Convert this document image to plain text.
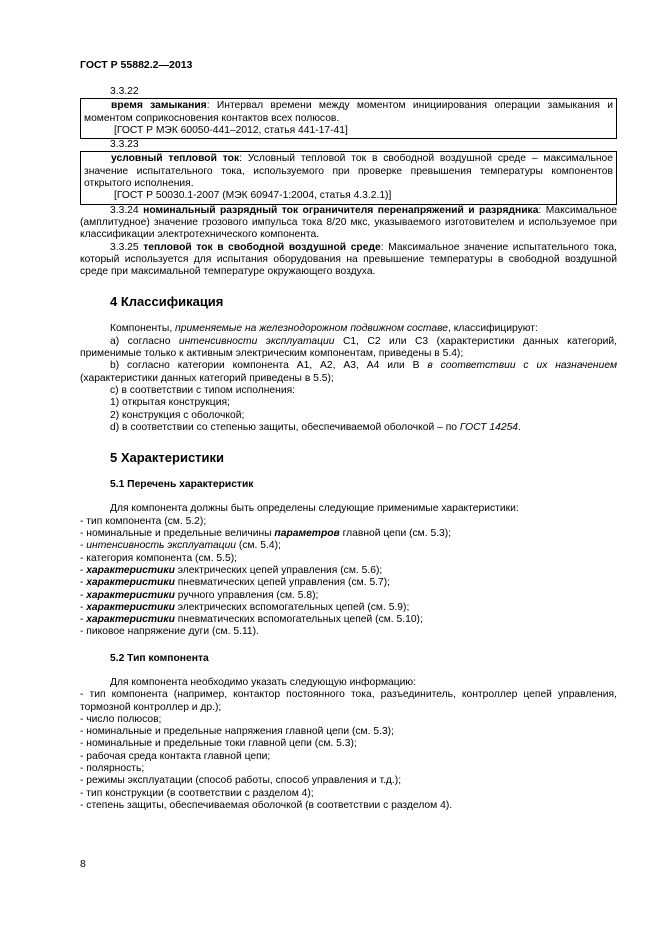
ГОСТ Р 55882.2—2013

3.3.22

время замыкания: Интервал времени между моментом инициирования операции замыкания и моментом соприкосновения контактов всех полюсов.

[ГОСТ Р МЭК 60050-441–2012, статья 441-17-41]

3.3.23

условный тепловой ток: Условный тепловой ток в свободной воздушной среде – максимальное значение испытательного тока, используемого при проверке превышения температуры компонентов открытого исполнения.

[ГОСТ Р 50030.1-2007 (МЭК 60947-1:2004, статья 4.3.2.1)]

3.3.24 номинальный разрядный ток ограничителя перенапряжений и разрядника: Максимальное (амплитудное) значение грозового импульса тока 8/20 мкс, указываемого изготовителем и используемое при классификации электротехнического компонента.

3.3.25 тепловой ток в свободной воздушной среде: Максимальное значение испытательного тока, который используется для испытания оборудования на превышение температуры в свободной воздушной среде при максимальной температуре окружающего воздуха.

4 Классификация

Компоненты, применяемые на железнодорожном подвижном составе, классифицируют:

a) согласно интенсивности эксплуатации С1, С2 или С3 (характеристики данных категорий, применимые только к активным электрическим компонентам, приведены в 5.4);

b) согласно категории компонента А1, А2, А3, А4 или В в соответствии с их назначением (характеристики данных категорий приведены в 5.5);

c) в соответствии с типом исполнения:

1) открытая конструкция;

2) конструкция с оболочкой;

d) в соответствии со степенью защиты, обеспечиваемой оболочкой – по ГОСТ 14254.

5 Характеристики
5.1 Перечень характеристик

Для компонента должны быть определены следующие применимые характеристики:

- тип компонента (см. 5.2);

- номинальные и предельные величины параметров главной цепи (см. 5.3);

- интенсивность эксплуатации (см. 5.4);

- категория компонента (см. 5.5);

- характеристики электрических цепей управления (см. 5.6);

- характеристики пневматических цепей управления (см. 5.7);

- характеристики ручного управления (см. 5.8);

- характеристики электрических вспомогательных цепей (см. 5.9);

- характеристики пневматических вспомогательных цепей (см. 5.10);

- пиковое напряжение дуги (см. 5.11).

5.2 Тип компонента

Для компонента необходимо указать следующую информацию:

- тип компонента (например, контактор постоянного тока, разъединитель, контроллер цепей управления, тормозной контроллер и др.);

- число полюсов;

- номинальные и предельные напряжения главной цепи (см. 5.3);

- номинальные и предельные токи главной цепи (см. 5.3);

- рабочая среда контакта главной цепи;

- полярность;

- режимы эксплуатации (способ работы, способ управления и т.д.);

- тип конструкции (в соответствии с разделом 4);

- степень защиты, обеспечиваемая оболочкой (в соответствии с разделом 4).

8
